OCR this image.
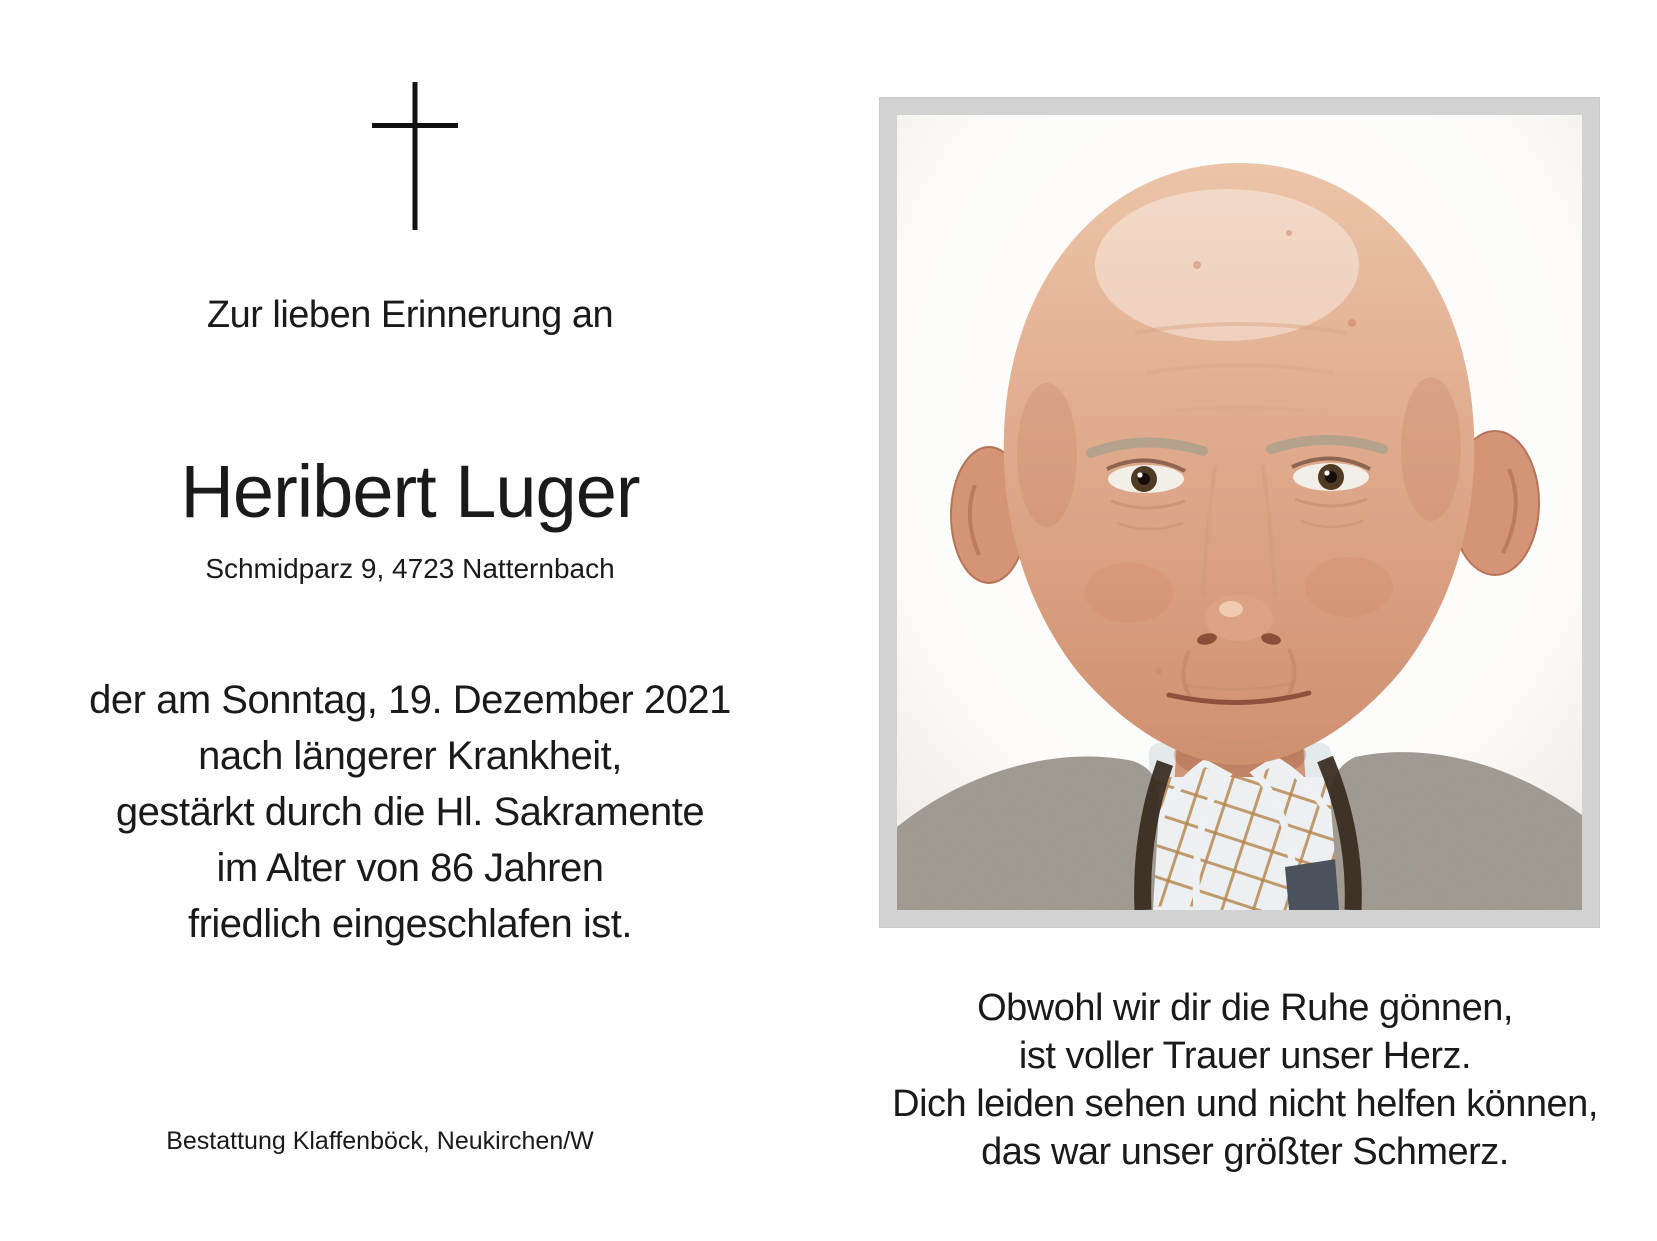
Zur lieben Erinnerung an
Heribert Luger
Schmidparz 9, 4723 Natternbach
der am Sonntag, 19. Dezember 2021
nach längerer Krankheit,
gestärkt durch die Hl. Sakramente
im Alter von 86 Jahren
friedlich eingeschlafen ist.
Bestattung Klaffenböck, Neukirchen/W
Obwohl wir dir die Ruhe gönnen,
ist voller Trauer unser Herz.
Dich leiden sehen und nicht helfen können,
das war unser größter Schmerz.
